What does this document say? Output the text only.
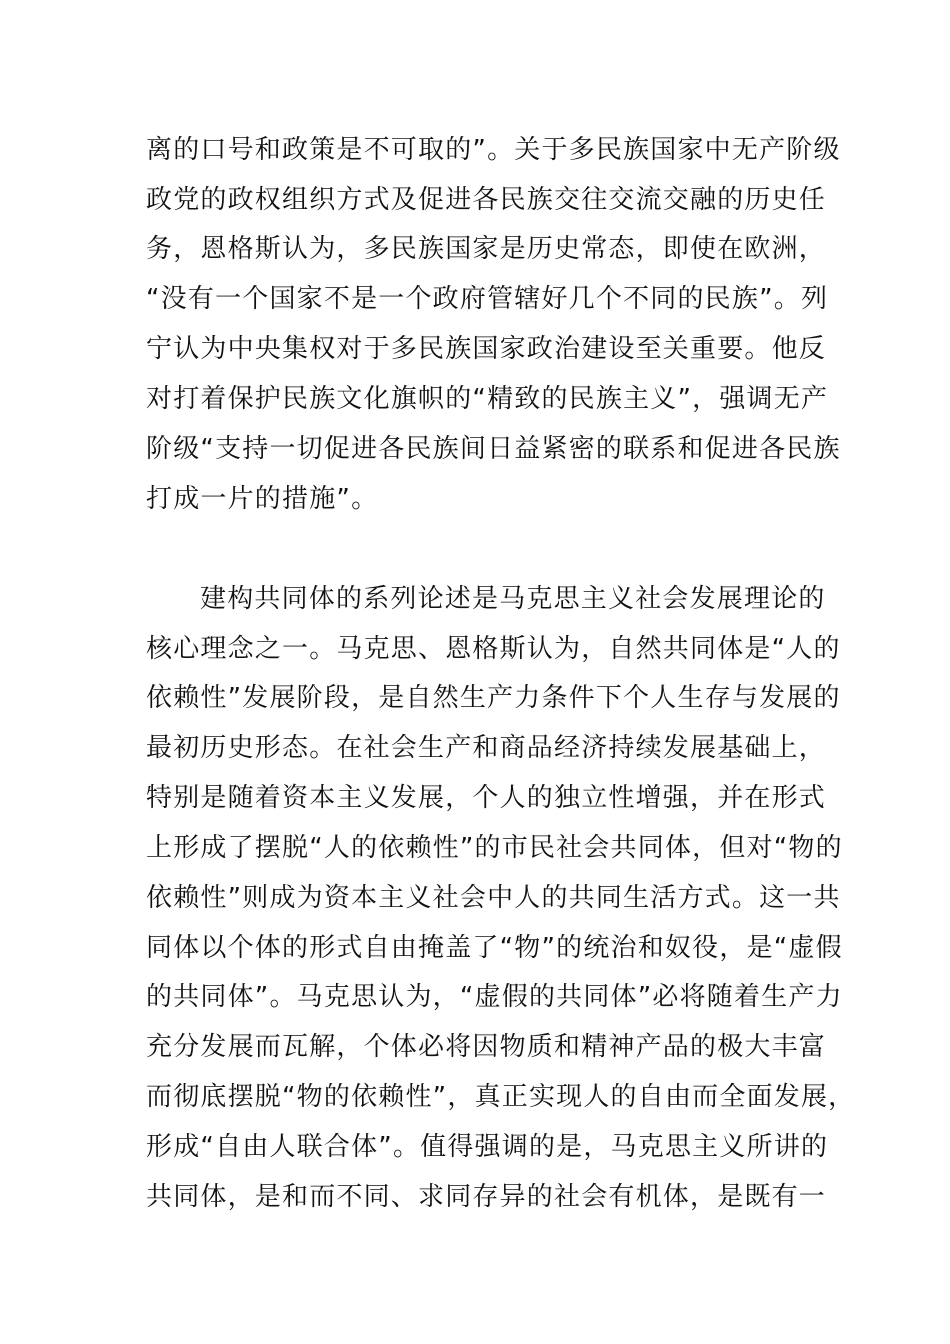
离的口号和政策是不可取的”。关于多民族国家中无产阶级
政党的政权组织方式及促进各民族交往交流交融的历史任
务，恩格斯认为，多民族国家是历史常态，即使在欧洲，
“没有一个国家不是一个政府管辖好几个不同的民族”。列
宁认为中央集权对于多民族国家政治建设至关重要。他反
对打着保护民族文化旗帜的“精致的民族主义”，强调无产
阶级“支持一切促进各民族间日益紧密的联系和促进各民族
打成一片的措施”。
建构共同体的系列论述是马克思主义社会发展理论的
核心理念之一。马克思、恩格斯认为，自然共同体是“人的
依赖性”发展阶段，是自然生产力条件下个人生存与发展的
最初历史形态。在社会生产和商品经济持续发展基础上，
特别是随着资本主义发展，个人的独立性增强，并在形式
上形成了摆脱“人的依赖性”的市民社会共同体，但对“物的
依赖性”则成为资本主义社会中人的共同生活方式。这一共
同体以个体的形式自由掩盖了“物”的统治和奴役，是“虚假
的共同体”。马克思认为，“虚假的共同体”必将随着生产力
充分发展而瓦解，个体必将因物质和精神产品的极大丰富
而彻底摆脱“物的依赖性”，真正实现人的自由而全面发展，
形成“自由人联合体”。值得强调的是，马克思主义所讲的
共同体，是和而不同、求同存异的社会有机体，是既有一
